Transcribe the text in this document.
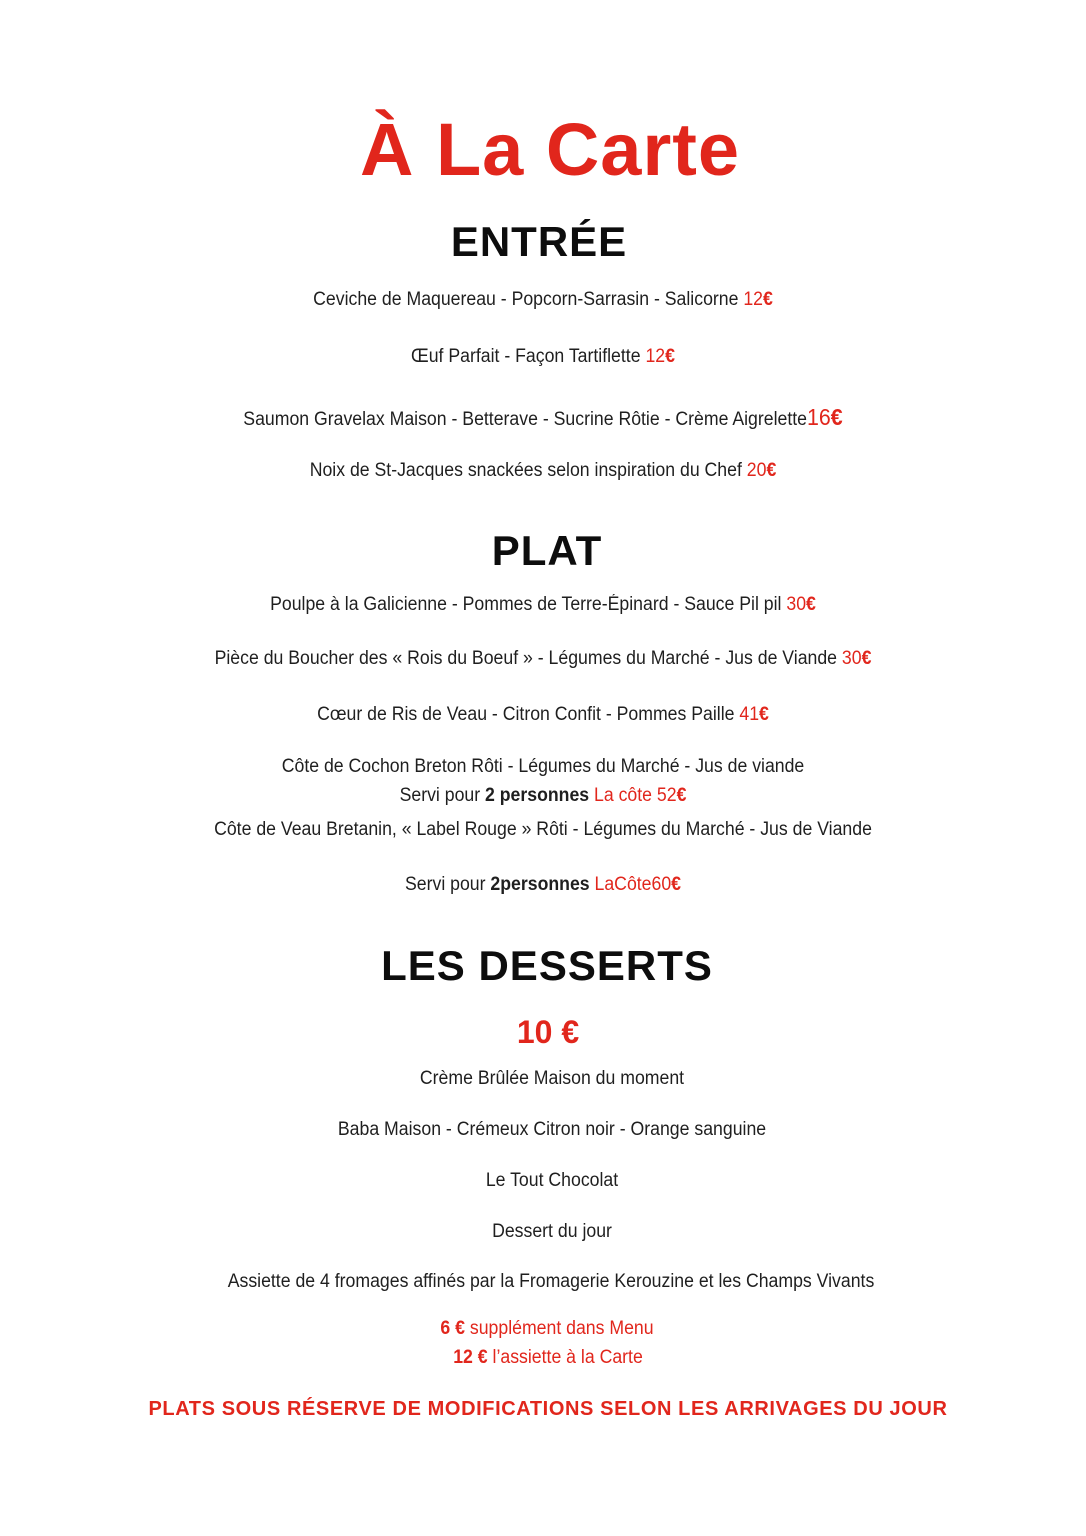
À La Carte
ENTRÉE
Ceviche de Maquereau - Popcorn-Sarrasin - Salicorne 12€
Œuf Parfait - Façon Tartiflette 12€
Saumon Gravelax Maison - Betterave - Sucrine Rôtie - Crème Aigrelette16€
Noix de St-Jacques snackées selon inspiration du Chef 20€
PLAT
Poulpe à la Galicienne - Pommes de Terre-Épinard - Sauce Pil pil 30€
Pièce du Boucher des « Rois du Boeuf » - Légumes du Marché - Jus de Viande 30€
Cœur de Ris de Veau - Citron Confit - Pommes Paille 41€
Côte de Cochon Breton Rôti - Légumes du Marché - Jus de viande
Servi pour 2 personnes La côte 52€
Côte de Veau Bretanin, « Label Rouge » Rôti - Légumes du Marché - Jus de Viande
Servi pour 2personnes LaCôte60€
LES DESSERTS
10 €
Crème Brûlée Maison du moment
Baba Maison - Crémeux Citron noir - Orange sanguine
Le Tout Chocolat
Dessert du jour
Assiette de 4 fromages affinés par la Fromagerie Kerouzine et les Champs Vivants
6 € supplément dans Menu
12 € l’assiette à la Carte
PLATS SOUS RÉSERVE DE MODIFICATIONS SELON LES ARRIVAGES DU JOUR
